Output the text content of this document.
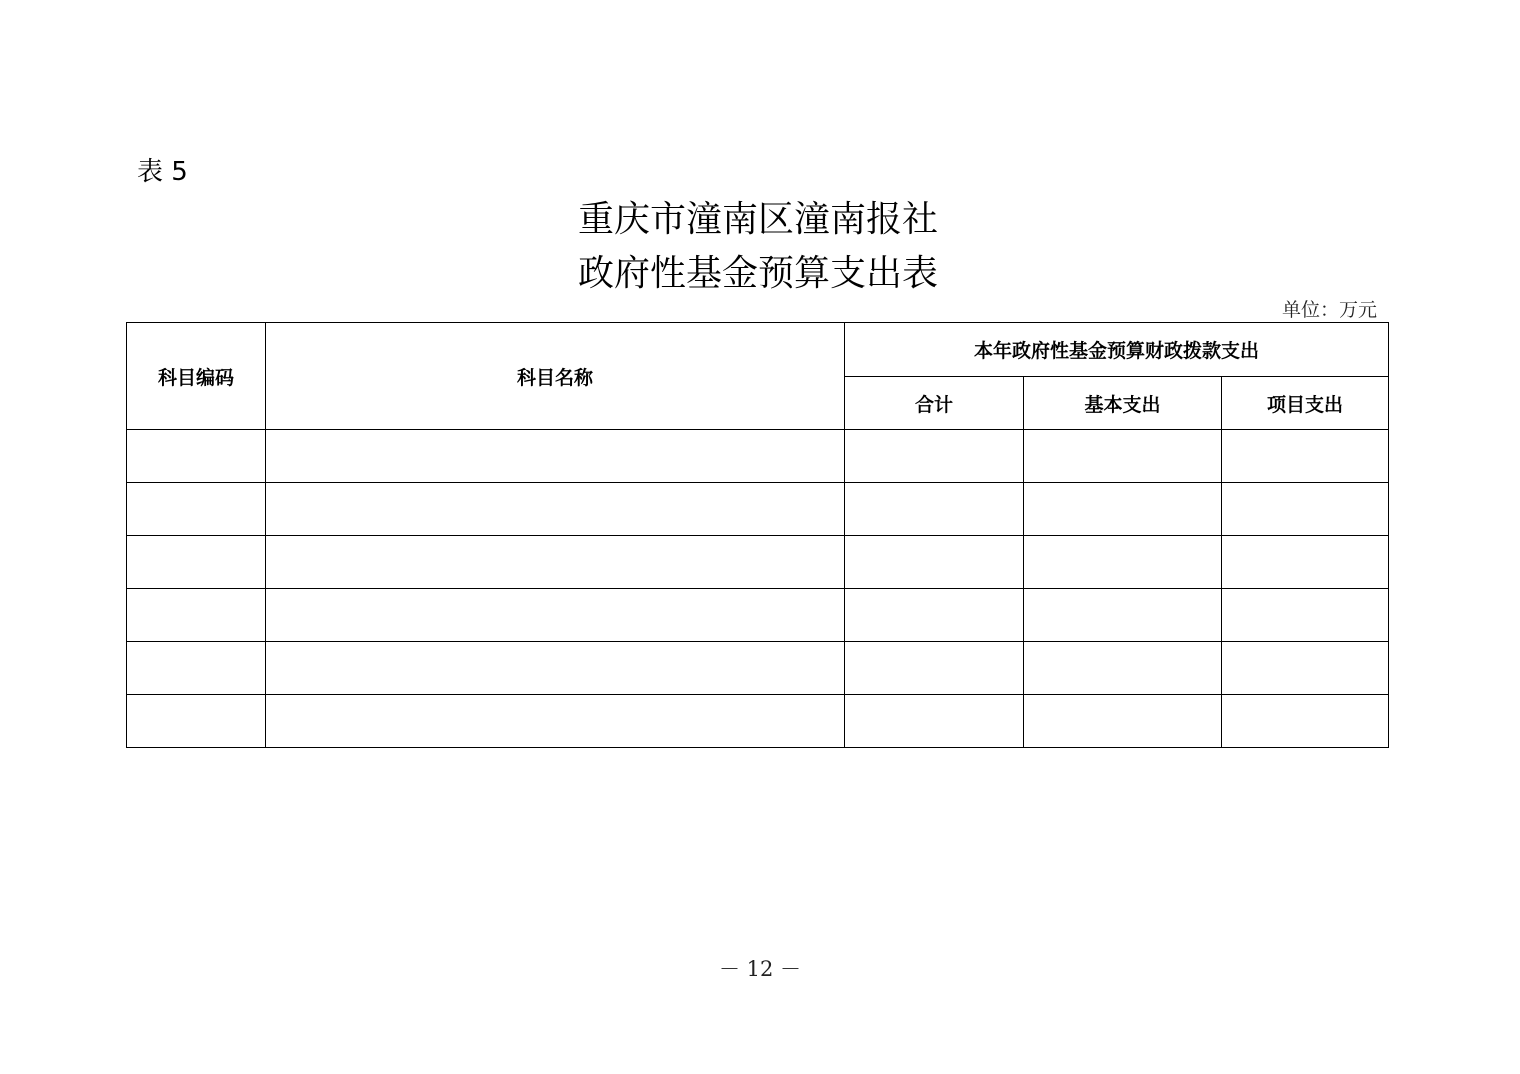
表 5
重庆市潼南区潼南报社
政府性基金预算支出表
单位：万元
科目编码	科目名称	本年政府性基金预算财政拨款支出		
		合计	基本支出	项目支出

－ 12 －
